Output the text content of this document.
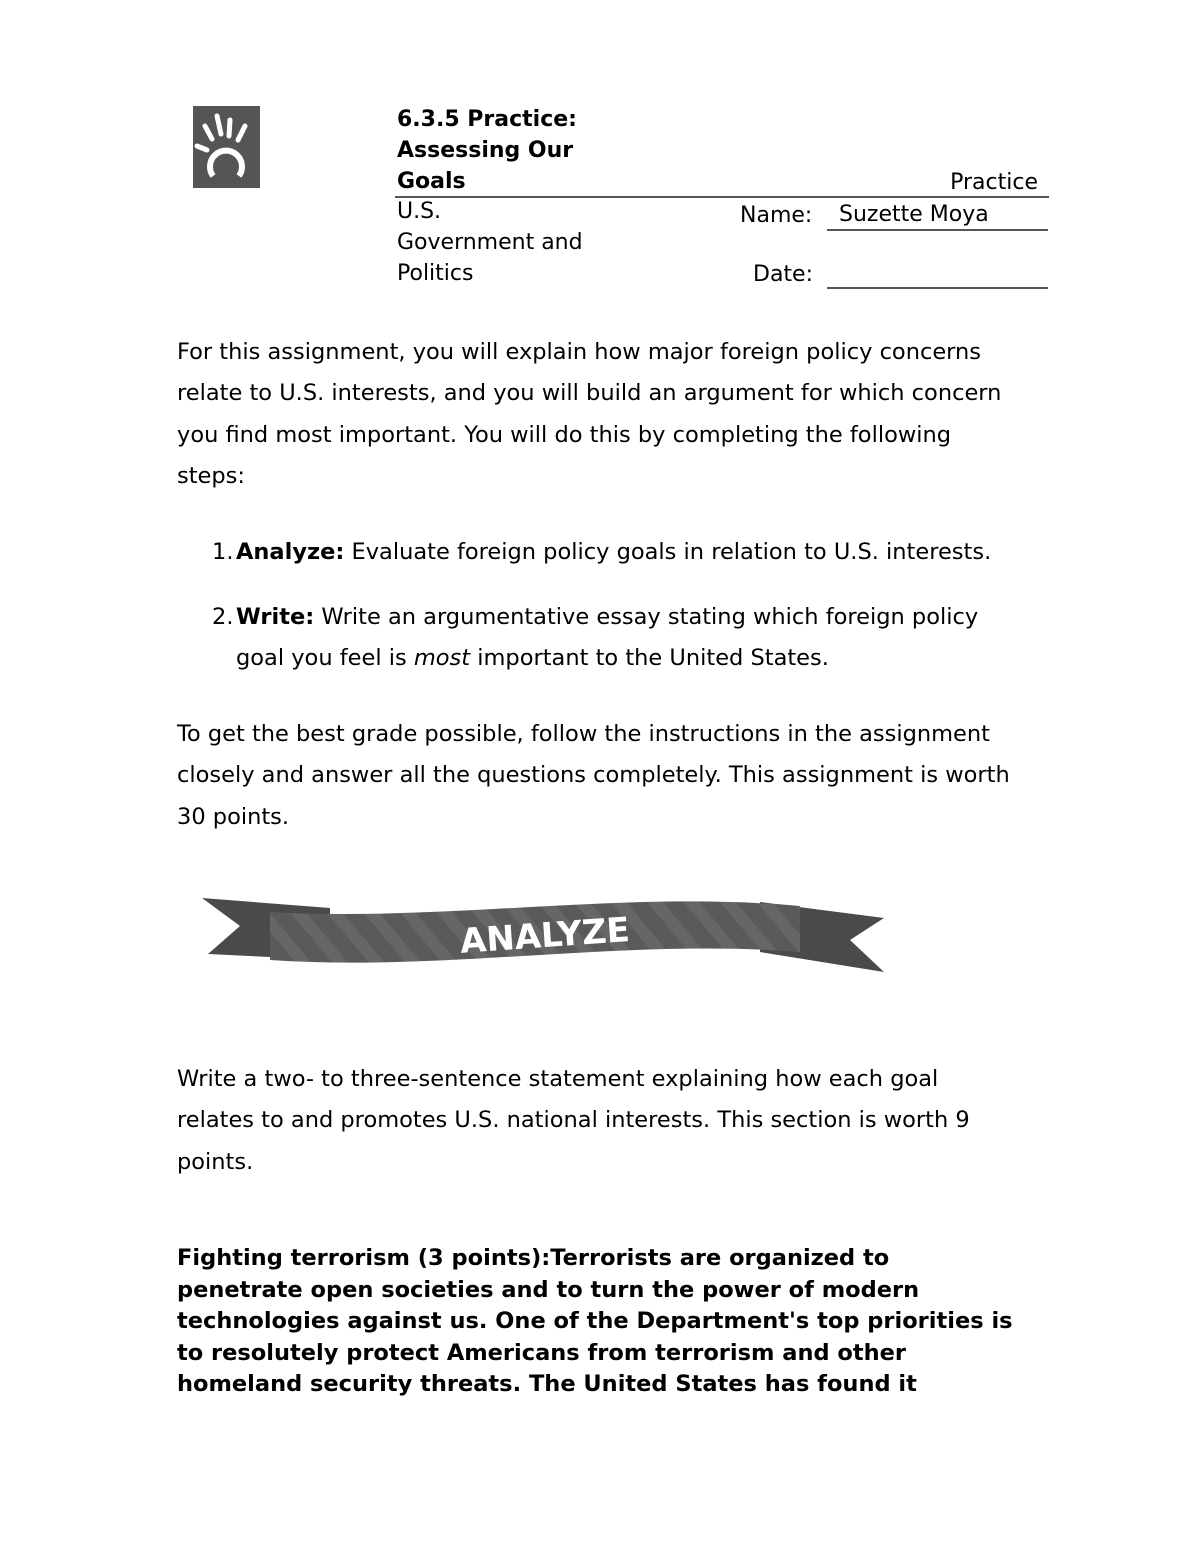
6.3.5 Practice:
Assessing Our
Goals	Practice
U.S.
Government and
Politics
Name:	Suzette Moya
Date:
For this assignment, you will explain how major foreign policy concerns
relate to U.S. interests, and you will build an argument for which concern
you find most important. You will do this by completing the following
steps:
1. Analyze: Evaluate foreign policy goals in relation to U.S. interests.
2. Write: Write an argumentative essay stating which foreign policy
goal you feel is most important to the United States.
To get the best grade possible, follow the instructions in the assignment
closely and answer all the questions completely. This assignment is worth
30 points.
ANALYZE
Write a two- to three-sentence statement explaining how each goal
relates to and promotes U.S. national interests. This section is worth 9
points.
Fighting terrorism (3 points):Terrorists are organized to
penetrate open societies and to turn the power of modern
technologies against us. One of the Department's top priorities is
to resolutely protect Americans from terrorism and other
homeland security threats. The United States has found it
